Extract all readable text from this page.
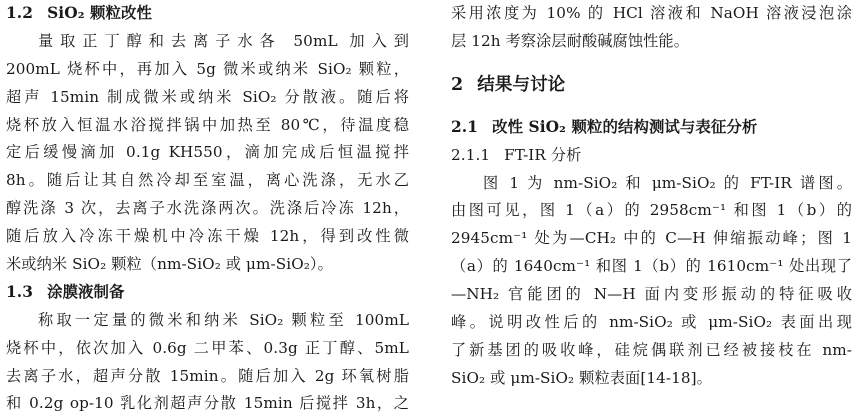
1.2 SiO₂ 颗粒改性
量取正丁醇和去离子水各 50mL 加入到
200mL 烧杯中，再加入 5g 微米或纳米 SiO₂ 颗粒，
超声 15min 制成微米或纳米 SiO₂ 分散液。随后将
烧杯放入恒温水浴搅拌锅中加热至 80℃，待温度稳
定后缓慢滴加 0.1g KH550，滴加完成后恒温搅拌
8h。随后让其自然冷却至室温，离心洗涤，无水乙
醇洗涤 3 次，去离子水洗涤两次。洗涤后冷冻 12h，
随后放入冷冻干燥机中冷冻干燥 12h，得到改性微
米或纳米 SiO₂ 颗粒（nm-SiO₂ 或 μm-SiO₂）。
1.3 涂膜液制备
称取一定量的微米和纳米 SiO₂ 颗粒至 100mL
烧杯中，依次加入 0.6g 二甲苯、0.3g 正丁醇、5mL
去离子水，超声分散 15min。随后加入 2g 环氧树脂
和 0.2g op-10 乳化剂超声分散 15min 后搅拌 3h，之
采用浓度为 10% 的 HCl 溶液和 NaOH 溶液浸泡涂
层 12h 考察涂层耐酸碱腐蚀性能。
2 结果与讨论
2.1 改性 SiO₂ 颗粒的结构测试与表征分析
2.1.1 FT-IR 分析
图 1 为 nm-SiO₂ 和 μm-SiO₂ 的 FT-IR 谱图。
由图可见，图 1（a）的 2958cm⁻¹ 和图 1（b）的
2945cm⁻¹ 处为—CH₂ 中的 C—H 伸缩振动峰；图 1
（a）的 1640cm⁻¹ 和图 1（b）的 1610cm⁻¹ 处出现了
—NH₂ 官能团的 N—H 面内变形振动的特征吸收
峰。说明改性后的 nm-SiO₂ 或 μm-SiO₂ 表面出现
了新基团的吸收峰，硅烷偶联剂已经被接枝在 nm-
SiO₂ 或 μm-SiO₂ 颗粒表面[14-18]。
